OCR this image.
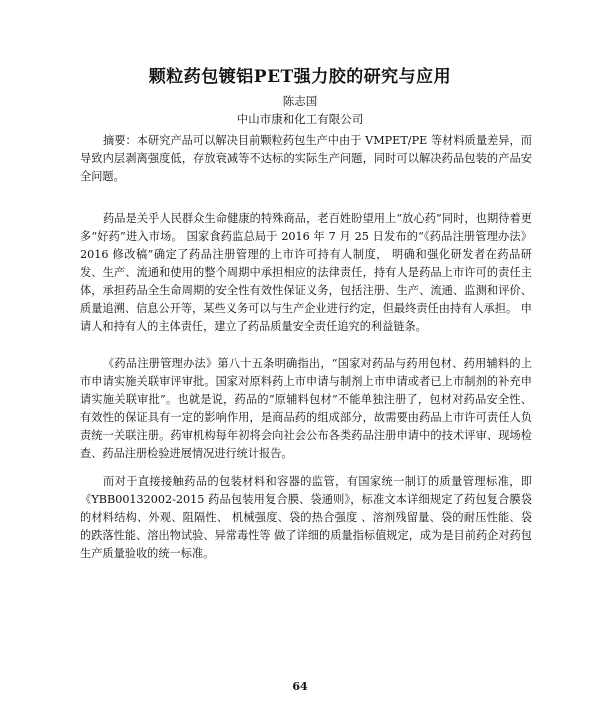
颗粒药包镀铝PET强力胶的研究与应用

陈志国

中山市康和化工有限公司

摘要：本研究产品可以解决目前颗粒药包生产中由于 VMPET/PE 等材料质量差异，而导致内层剥离强度低，存放衰减等不达标的实际生产问题，同时可以解决药品包装的产品安全问题。

药品是关乎人民群众生命健康的特殊商品，老百姓盼望用上“放心药”同时，也期待着更多“好药”进入市场。 国家食药监总局于 2016 年 7 月 25 日发布的“《药品注册管理办法》2016 修改稿”确定了药品注册管理的上市许可持有人制度， 明确和强化研发者在药品研发、生产、流通和使用的整个周期中承担相应的法律责任，持有人是药品上市许可的责任主体，承担药品全生命周期的安全性有效性保证义务，包括注册、生产、流通、监测和评价、质量追溯、信息公开等，某些义务可以与生产企业进行约定，但最终责任由持有人承担。 申请人和持有人的主体责任，建立了药品质量安全责任追究的利益链条。

《药品注册管理办法》第八十五条明确指出，“国家对药品与药用包材、药用辅料的上市申请实施关联审评审批。国家对原料药上市申请与制剂上市申请或者已上市制剂的补充申请实施关联审批”。也就是说，药品的“原辅料包材”不能单独注册了，包材对药品安全性、有效性的保证具有一定的影响作用，是商品药的组成部分，故需要由药品上市许可责任人负责统一关联注册。药审机构每年初将会向社会公布各类药品注册申请中的技术评审、现场检查、药品注册检验进展情况进行统计报告。

而对于直接接触药品的包装材料和容器的监管，有国家统一制订的质量管理标准，即《YBB00132002-2015 药品包装用复合膜、袋通则》，标准文本详细规定了药包复合膜袋的材料结构、外观、阻隔性、 机械强度、袋的热合强度 、溶剂残留量、袋的耐压性能、袋的跌落性能、溶出物试验、异常毒性等 做了详细的质量指标值规定，成为是目前药企对药包生产质量验收的统一标准。

64
